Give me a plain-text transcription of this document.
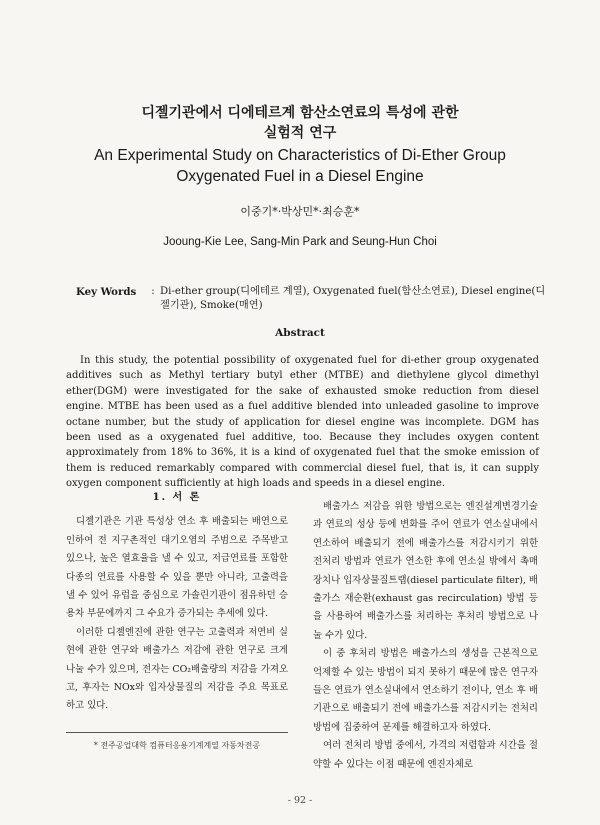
디젤기관에서 디에테르계 함산소연료의 특성에 관한
실험적 연구
An Experimental Study on Characteristics of Di-Ether Group
Oxygenated Fuel in a Diesel Engine
이중기*·박상민*·최승훈*
Jooung-Kie Lee, Sang-Min Park and Seung-Hun Choi
Key Words	: Di-ether group(디에테르 계열), Oxygenated fuel(함산소연료), Diesel engine(디젤기관), Smoke(매연)
Abstract
In this study, the potential possibility of oxygenated fuel for di-ether group oxygenated additives such as Methyl tertiary butyl ether (MTBE) and diethylene glycol dimethyl ether(DGM) were investigated for the sake of exhausted smoke reduction from diesel engine. MTBE has been used as a fuel additive blended into unleaded gasoline to improve octane number, but the study of application for diesel engine was incomplete. DGM has been used as a oxygenated fuel additive, too. Because they includes oxygen content approximately from 18% to 36%, it is a kind of oxygenated fuel that the smoke emission of them is reduced remarkably compared with commercial diesel fuel, that is, it can supply oxygen component sufficiently at high loads and speeds in a diesel engine.
1. 서 론

디젤기관은 기관 특성상 연소 후 배출되는 배연으로 인하여 전 지구촌적인 대기오염의 주범으로 주목받고 있으나, 높은 열효율을 낼 수 있고, 저급연료를 포함한 다종의 연료를 사용할 수 있을 뿐만 아니라, 고출력을 낼 수 있어 유럽을 중심으로 가솔린기관이 점유하던 승용차 부문에까지 그 수요가 증가되는 추세에 있다.

이러한 디젤엔진에 관한 연구는 고출력과 저연비 실현에 관한 연구와 배출가스 저감에 관한 연구로 크게 나눌 수가 있으며, 전자는 CO₂배출량의 저감을 가져오고, 후자는 NOx와 입자상물질의 저감을 주요 목표로 하고 있다.

배출가스 저감을 위한 방법으로는 엔진설계변경기술과 연료의 성상 등에 변화를 주어 연료가 연소실내에서 연소하여 배출되기 전에 배출가스를 저감시키기 위한 전처리 방법과 연료가 연소한 후에 연소실 밖에서 촉매장치나 입자상물질트랩(diesel particulate filter), 배출가스 재순환(exhaust gas recirculation) 방법 등을 사용하여 배출가스를 처리하는 후처리 방법으로 나눌 수가 있다.

이 중 후처리 방법은 배출가스의 생성을 근본적으로 억제할 수 있는 방법이 되지 못하기 때문에 많은 연구자들은 연료가 연소실내에서 연소하기 전이나, 연소 후 배기관으로 배출되기 전에 배출가스를 저감시키는 전처리 방법에 집중하여 문제를 해결하고자 하였다.

여러 전처리 방법 중에서, 가격의 저렴함과 시간을 절약할 수 있다는 이점 때문에 엔진자체로

* 전주공업대학 컴퓨터응용기계계열 자동차전공
- 92 -
